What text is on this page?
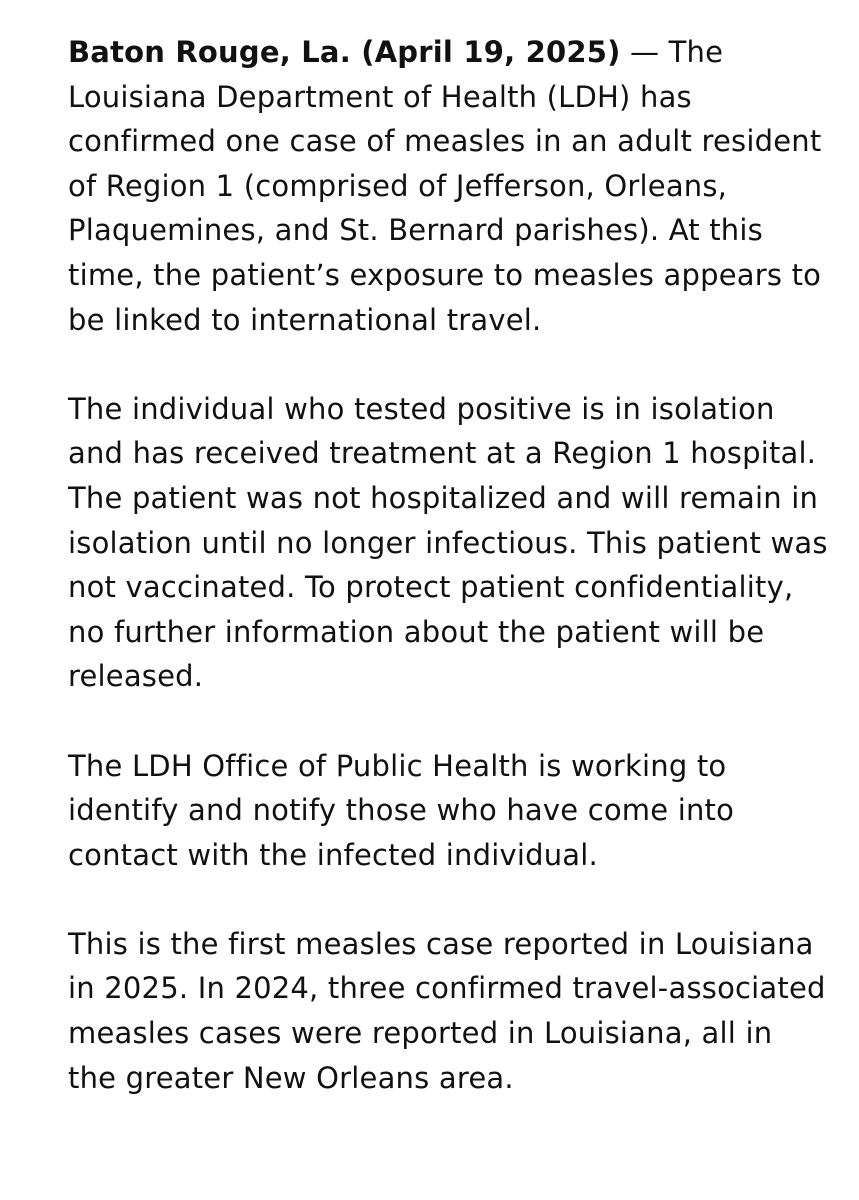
Baton Rouge, La. (April 19, 2025) — The Louisiana Department of Health (LDH) has confirmed one case of measles in an adult resident of Region 1 (comprised of Jefferson, Orleans, Plaquemines, and St. Bernard parishes). At this time, the patient’s exposure to measles appears to be linked to international travel.

The individual who tested positive is in isolation and has received treatment at a Region 1 hospital. The patient was not hospitalized and will remain in isolation until no longer infectious. This patient was not vaccinated. To protect patient confidentiality, no further information about the patient will be released.

The LDH Office of Public Health is working to identify and notify those who have come into contact with the infected individual.

This is the first measles case reported in Louisiana in 2025. In 2024, three confirmed travel-associated measles cases were reported in Louisiana, all in the greater New Orleans area.
